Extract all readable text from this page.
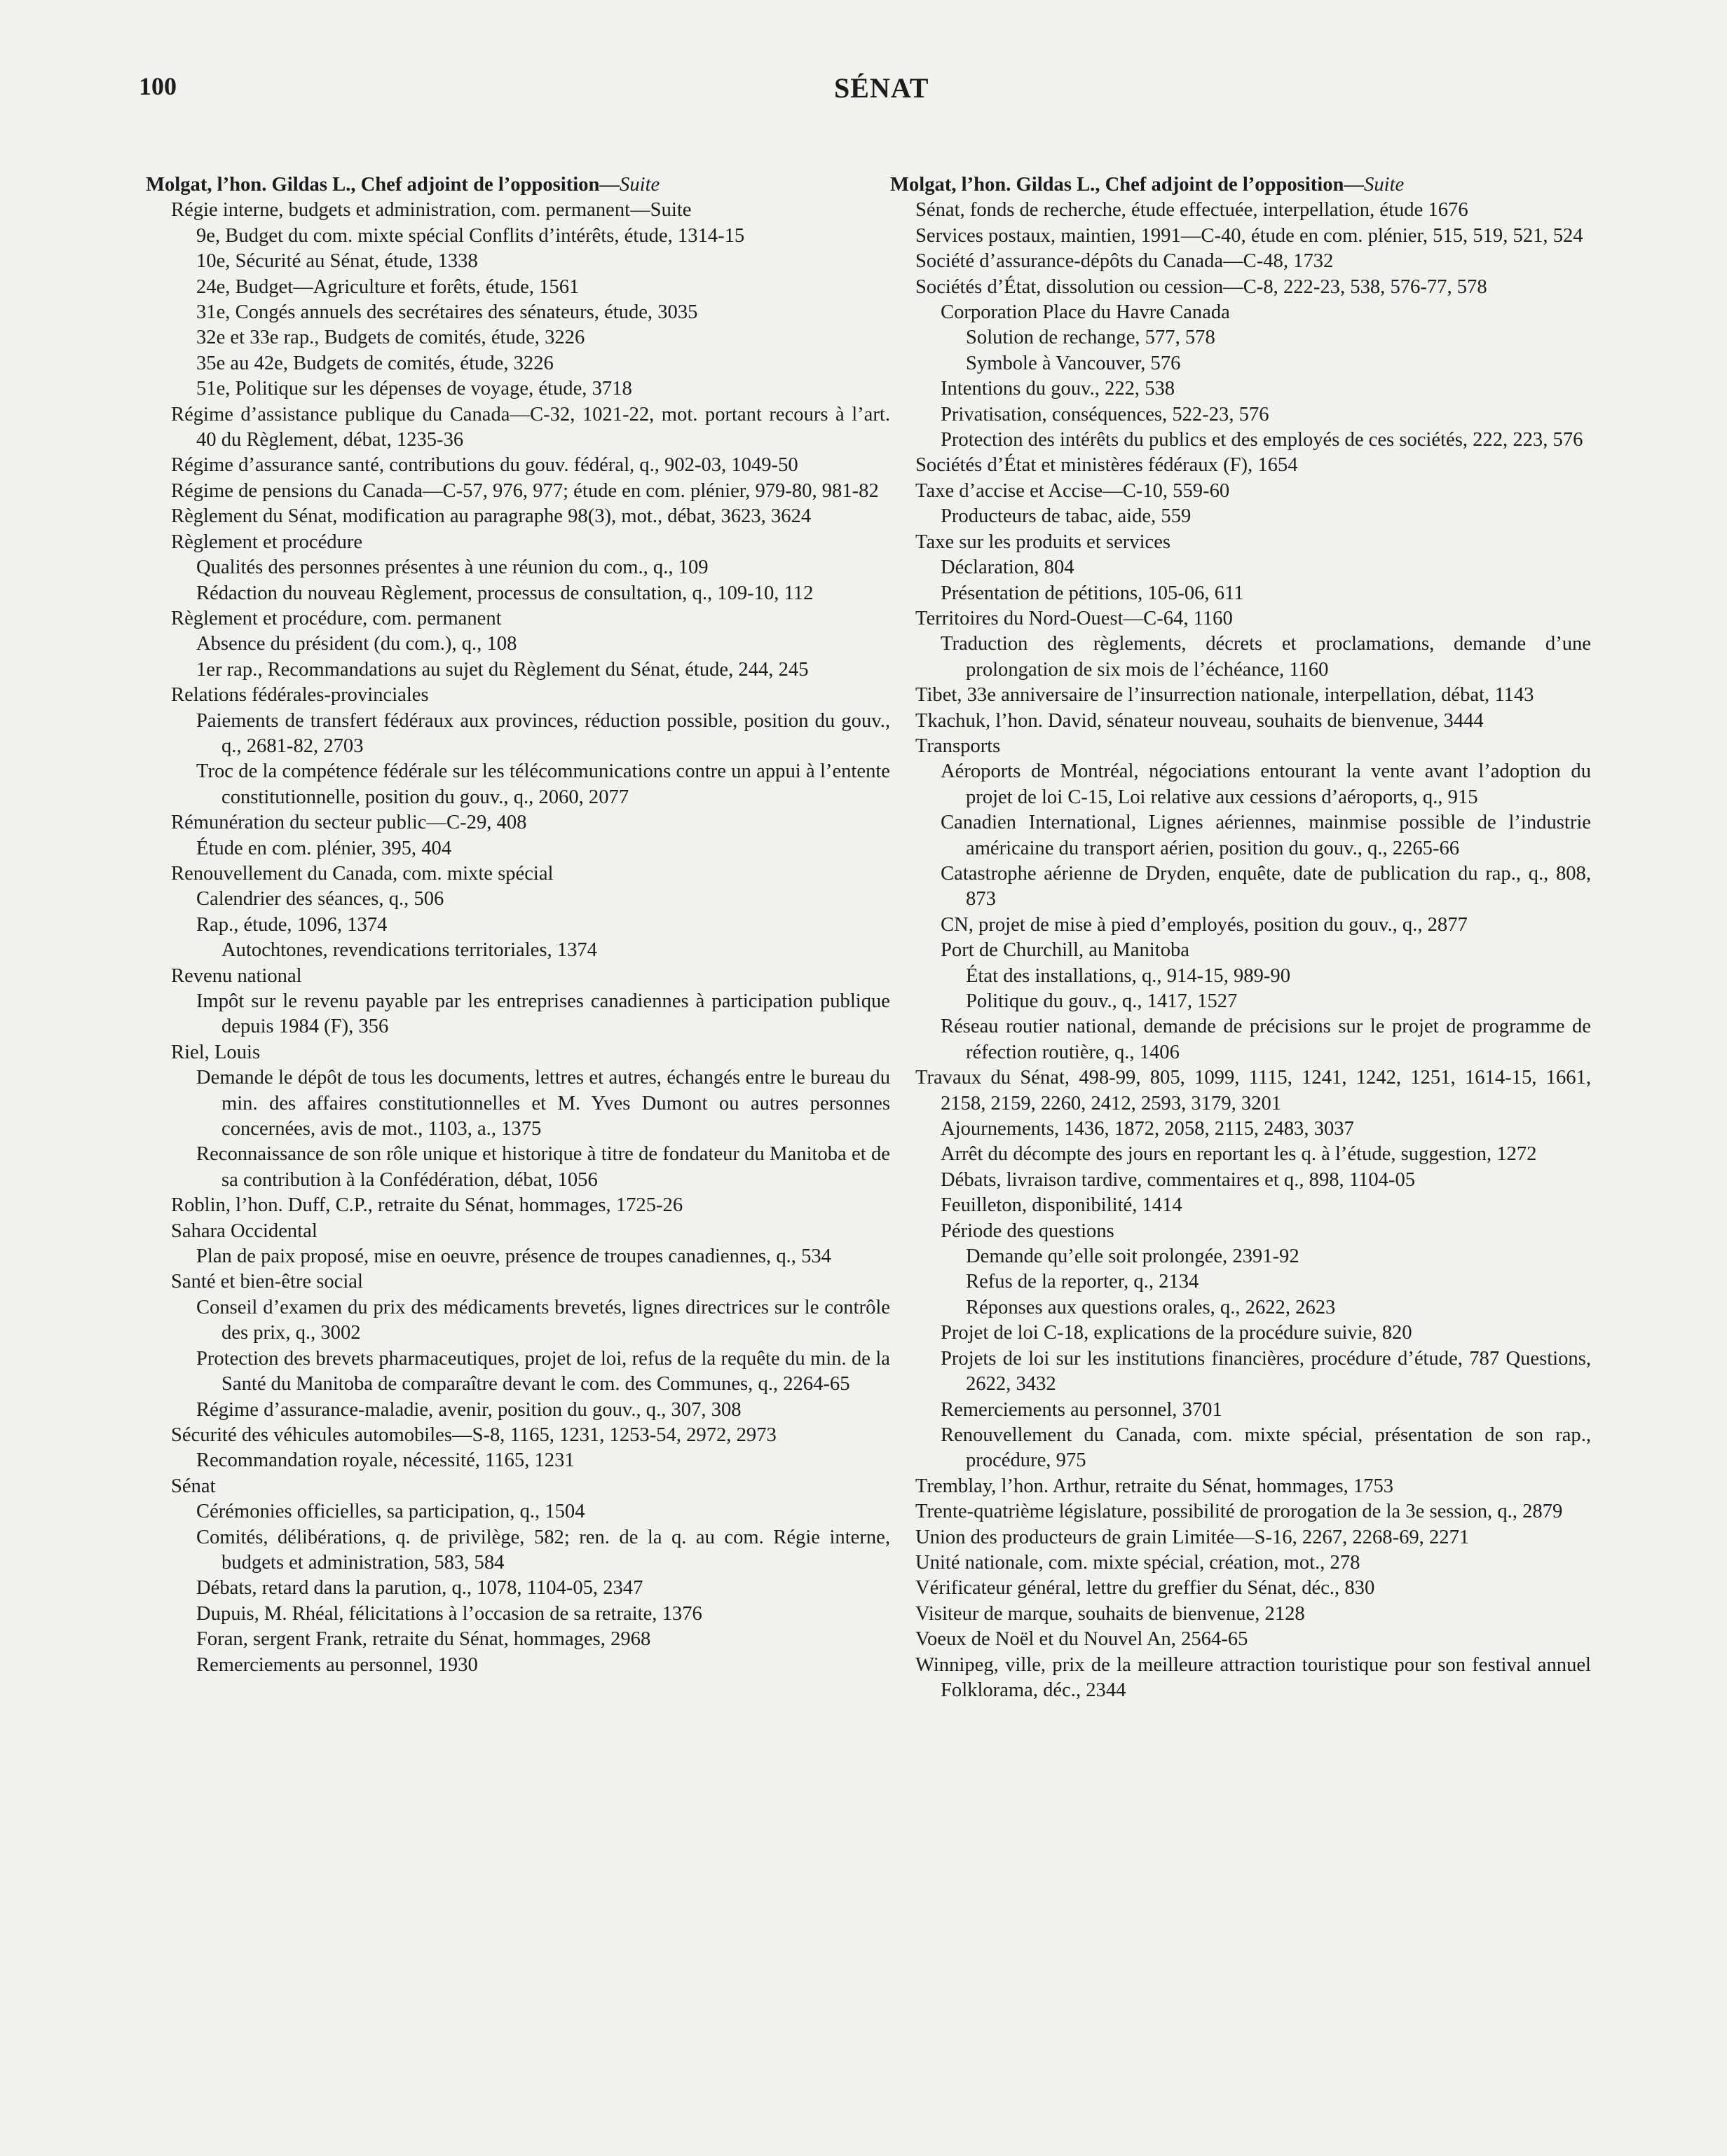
100	SÉNAT

Molgat, l’hon. Gildas L., Chef adjoint de l’opposition—Suite

Régie interne, budgets et administration, com. permanent—Suite

9e, Budget du com. mixte spécial Conflits d’intérêts, étude, 1314-15

10e, Sécurité au Sénat, étude, 1338

24e, Budget—Agriculture et forêts, étude, 1561

31e, Congés annuels des secrétaires des sénateurs, étude, 3035

32e et 33e rap., Budgets de comités, étude, 3226

35e au 42e, Budgets de comités, étude, 3226

51e, Politique sur les dépenses de voyage, étude, 3718

Régime d’assistance publique du Canada—C-32, 1021-22, mot. portant recours à l’art. 40 du Règlement, débat, 1235-36

Régime d’assurance santé, contributions du gouv. fédéral, q., 902-03, 1049-50

Régime de pensions du Canada—C-57, 976, 977; étude en com. plénier, 979-80, 981-82

Règlement du Sénat, modification au paragraphe 98(3), mot., débat, 3623, 3624

Règlement et procédure

Qualités des personnes présentes à une réunion du com., q., 109

Rédaction du nouveau Règlement, processus de consultation, q., 109-10, 112

Règlement et procédure, com. permanent

Absence du président (du com.), q., 108

1er rap., Recommandations au sujet du Règlement du Sénat, étude, 244, 245

Relations fédérales-provinciales

Paiements de transfert fédéraux aux provinces, réduction possible, position du gouv., q., 2681-82, 2703

Troc de la compétence fédérale sur les télécommunications contre un appui à l’entente constitutionnelle, position du gouv., q., 2060, 2077

Rémunération du secteur public—C-29, 408

Étude en com. plénier, 395, 404

Renouvellement du Canada, com. mixte spécial

Calendrier des séances, q., 506

Rap., étude, 1096, 1374

Autochtones, revendications territoriales, 1374

Revenu national

Impôt sur le revenu payable par les entreprises canadiennes à participation publique depuis 1984 (F), 356

Riel, Louis

Demande le dépôt de tous les documents, lettres et autres, échangés entre le bureau du min. des affaires constitutionnelles et M. Yves Dumont ou autres personnes concernées, avis de mot., 1103, a., 1375

Reconnaissance de son rôle unique et historique à titre de fondateur du Manitoba et de sa contribution à la Confédération, débat, 1056

Roblin, l’hon. Duff, C.P., retraite du Sénat, hommages, 1725-26

Sahara Occidental

Plan de paix proposé, mise en oeuvre, présence de troupes canadiennes, q., 534

Santé et bien-être social

Conseil d’examen du prix des médicaments brevetés, lignes directrices sur le contrôle des prix, q., 3002

Protection des brevets pharmaceutiques, projet de loi, refus de la requête du min. de la Santé du Manitoba de comparaître devant le com. des Communes, q., 2264-65

Régime d’assurance-maladie, avenir, position du gouv., q., 307, 308

Sécurité des véhicules automobiles—S-8, 1165, 1231, 1253-54, 2972, 2973

Recommandation royale, nécessité, 1165, 1231

Sénat

Cérémonies officielles, sa participation, q., 1504

Comités, délibérations, q. de privilège, 582; ren. de la q. au com. Régie interne, budgets et administration, 583, 584

Débats, retard dans la parution, q., 1078, 1104-05, 2347

Dupuis, M. Rhéal, félicitations à l’occasion de sa retraite, 1376

Foran, sergent Frank, retraite du Sénat, hommages, 2968

Remerciements au personnel, 1930

Molgat, l’hon. Gildas L., Chef adjoint de l’opposition—Suite

Sénat, fonds de recherche, étude effectuée, interpellation, étude 1676

Services postaux, maintien, 1991—C-40, étude en com. plénier, 515, 519, 521, 524

Société d’assurance-dépôts du Canada—C-48, 1732

Sociétés d’État, dissolution ou cession—C-8, 222-23, 538, 576-77, 578

Corporation Place du Havre Canada

Solution de rechange, 577, 578

Symbole à Vancouver, 576

Intentions du gouv., 222, 538

Privatisation, conséquences, 522-23, 576

Protection des intérêts du publics et des employés de ces sociétés, 222, 223, 576

Sociétés d’État et ministères fédéraux (F), 1654

Taxe d’accise et Accise—C-10, 559-60

Producteurs de tabac, aide, 559

Taxe sur les produits et services

Déclaration, 804

Présentation de pétitions, 105-06, 611

Territoires du Nord-Ouest—C-64, 1160

Traduction des règlements, décrets et proclamations, demande d’une prolongation de six mois de l’échéance, 1160

Tibet, 33e anniversaire de l’insurrection nationale, interpellation, débat, 1143

Tkachuk, l’hon. David, sénateur nouveau, souhaits de bienvenue, 3444

Transports

Aéroports de Montréal, négociations entourant la vente avant l’adoption du projet de loi C-15, Loi relative aux cessions d’aéroports, q., 915

Canadien International, Lignes aériennes, mainmise possible de l’industrie américaine du transport aérien, position du gouv., q., 2265-66

Catastrophe aérienne de Dryden, enquête, date de publication du rap., q., 808, 873

CN, projet de mise à pied d’employés, position du gouv., q., 2877

Port de Churchill, au Manitoba

État des installations, q., 914-15, 989-90

Politique du gouv., q., 1417, 1527

Réseau routier national, demande de précisions sur le projet de programme de réfection routière, q., 1406

Travaux du Sénat, 498-99, 805, 1099, 1115, 1241, 1242, 1251, 1614-15, 1661, 2158, 2159, 2260, 2412, 2593, 3179, 3201

Ajournements, 1436, 1872, 2058, 2115, 2483, 3037

Arrêt du décompte des jours en reportant les q. à l’étude, suggestion, 1272

Débats, livraison tardive, commentaires et q., 898, 1104-05

Feuilleton, disponibilité, 1414

Période des questions

Demande qu’elle soit prolongée, 2391-92

Refus de la reporter, q., 2134

Réponses aux questions orales, q., 2622, 2623

Projet de loi C-18, explications de la procédure suivie, 820

Projets de loi sur les institutions financières, procédure d’étude, 787 Questions, 2622, 3432

Remerciements au personnel, 3701

Renouvellement du Canada, com. mixte spécial, présentation de son rap., procédure, 975

Tremblay, l’hon. Arthur, retraite du Sénat, hommages, 1753

Trente-quatrième législature, possibilité de prorogation de la 3e session, q., 2879

Union des producteurs de grain Limitée—S-16, 2267, 2268-69, 2271

Unité nationale, com. mixte spécial, création, mot., 278

Vérificateur général, lettre du greffier du Sénat, déc., 830

Visiteur de marque, souhaits de bienvenue, 2128

Voeux de Noël et du Nouvel An, 2564-65

Winnipeg, ville, prix de la meilleure attraction touristique pour son festival annuel Folklorama, déc., 2344
